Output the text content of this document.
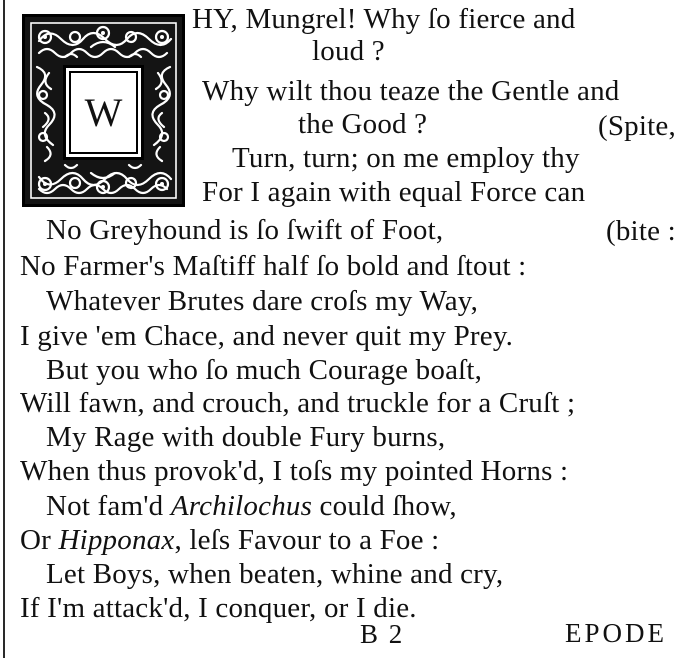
W
HY, Mungrel! Why ſo fierce and
loud ?
Why wilt thou teaze the Gentle and
the Good ?	(Spite,
Turn, turn; on me employ thy
For I again with equal Force can
No Greyhound is ſo ſwift of Foot,	(bite :
No Farmer's Maſtiff half ſo bold and ſtout :
Whatever Brutes dare croſs my Way,
I give 'em Chace, and never quit my Prey.
But you who ſo much Courage boaſt,
Will fawn, and crouch, and truckle for a Cruſt ;
My Rage with double Fury burns,
When thus provok'd, I toſs my pointed Horns :
Not fam'd Archilochus could ſhow,
Or Hipponax, leſs Favour to a Foe :
Let Boys, when beaten, whine and cry,
If I'm attack'd, I conquer, or I die.
B 2	EPODE
